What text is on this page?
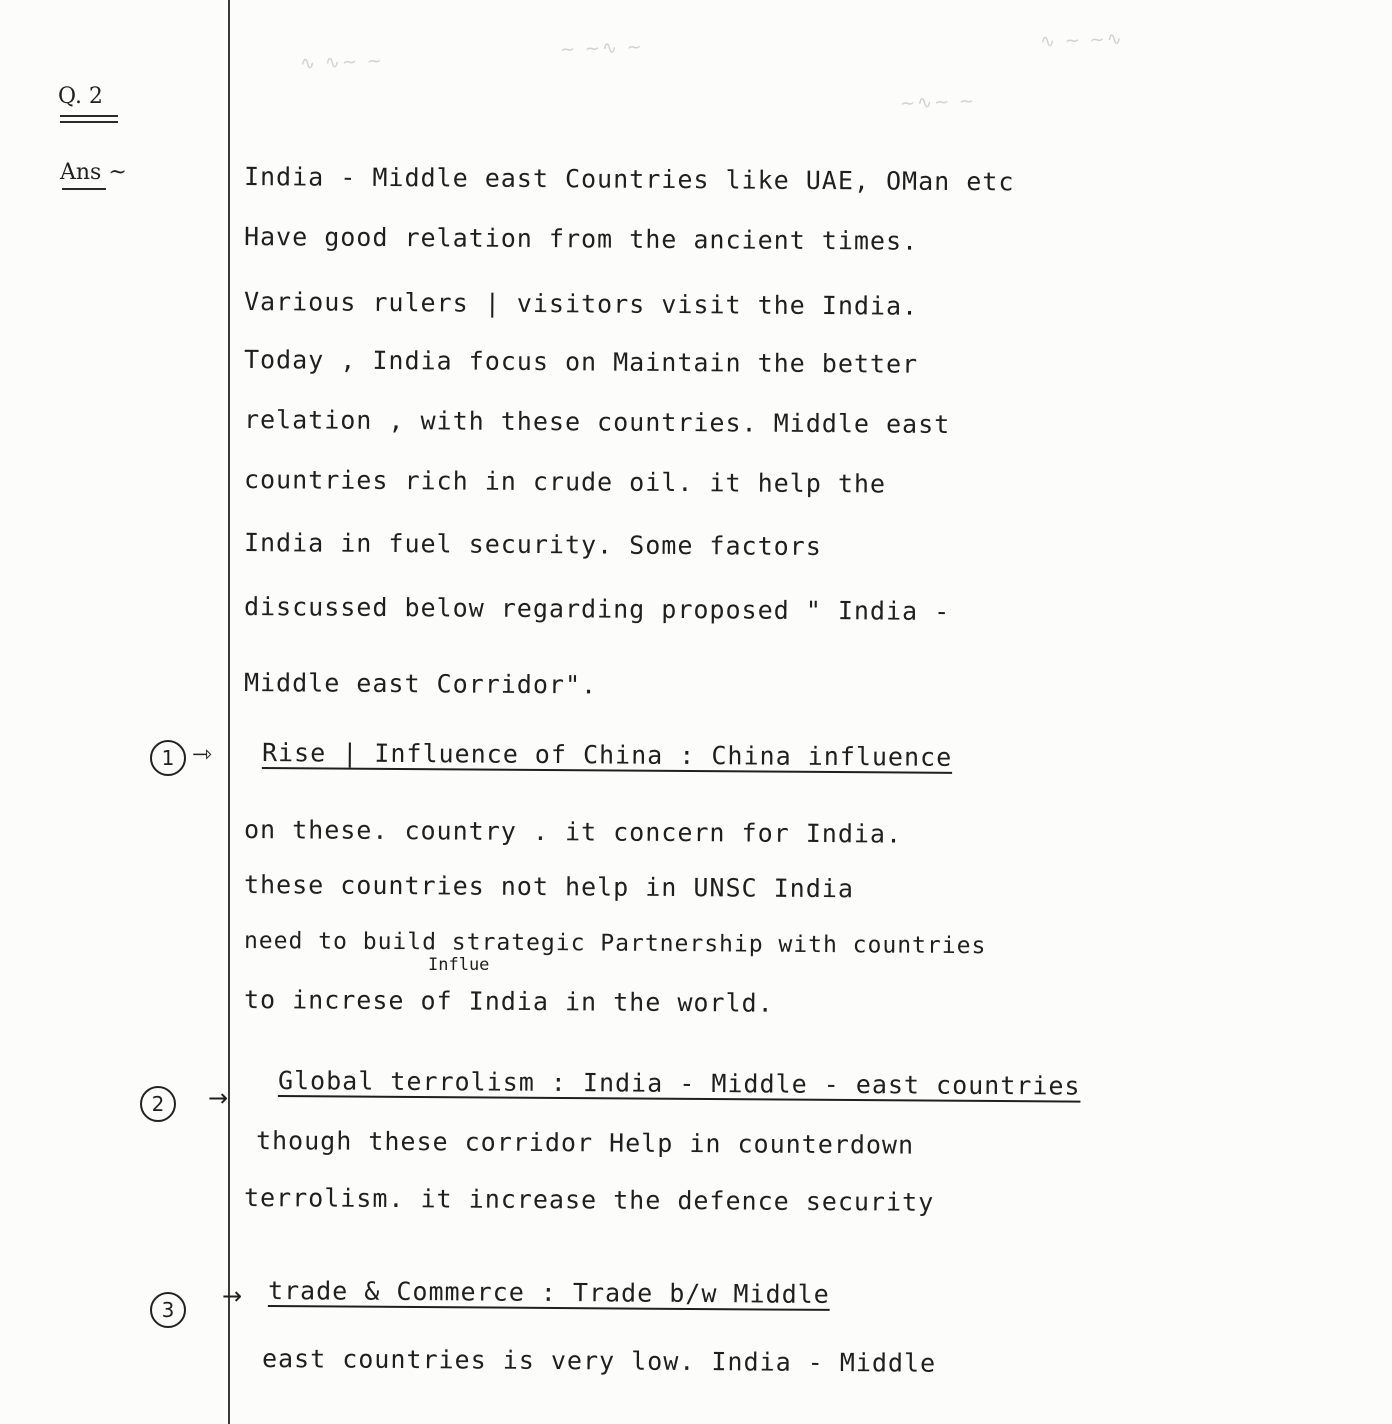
∿ ∿∼ ∼
∼ ∼∿ ∼	∿ ∼ ∼∿
∼∿∼ ∼
Q. 2
Ans ~	India - Middle east Countries like UAE, OMan etc
Have good relation from the ancient times.
Various rulers | visitors visit the India.
Today , India focus on Maintain the better
relation , with these countries. Middle east
countries rich in crude oil. it help the
India in fuel security. Some factors
discussed below regarding proposed " India -
Middle east Corridor".
1 ⇾ Rise | Influence of China : China influence
on these. country . it concern for India.
these countries not help in UNSC India
need to build strategic Partnership with countries
Influe
to increse of India in the world.
2	→ Global terrolism : India - Middle - east countries
though these corridor Help in counterdown
terrolism. it increase the defence security
3	→ trade & Commerce : Trade b/w Middle
east countries is very low. India - Middle
